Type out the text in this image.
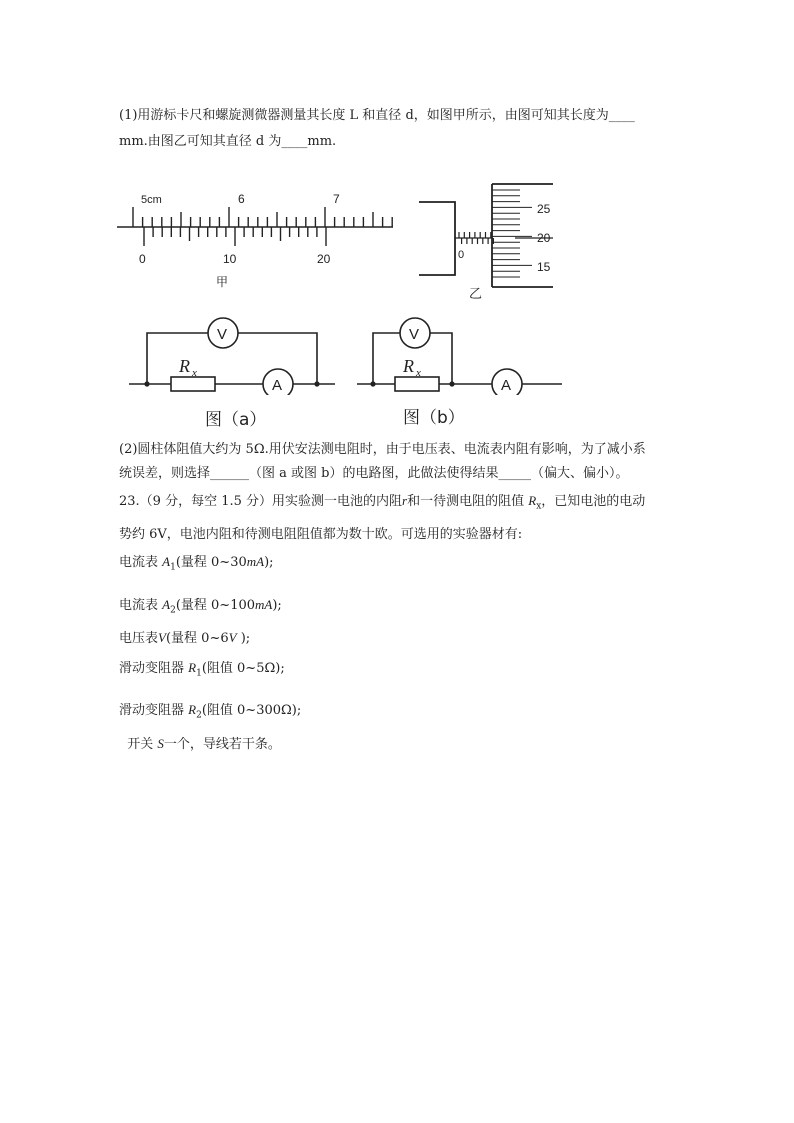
(1)用游标卡尺和螺旋测微器测量其长度 L 和直径 d，如图甲所示，由图可知其长度为____
mm.由图乙可知其直径 d 为____mm.
5cm	6	7
0	10	20
甲
25
20
15
0
乙
V
R x
A
图（a）
V
R x
A
图（b）
(2)圆柱体阻值大约为 5Ω.用伏安法测电阻时，由于电压表、电流表内阻有影响，为了减小系
统误差，则选择______（图 a 或图 b）的电路图，此做法使得结果_____（偏大、偏小）。
23.（9 分，每空 1.5 分）用实验测一电池的内阻r和一待测电阻的阻值 $R_x$，已知电池的电动
势约 6V，电池内阻和待测电阻阻值都为数十欧。可选用的实验器材有:
电流表 $A_1$(量程 0~30mA);
电流表 $A_2$(量程 0~100mA);
电压表V(量程 0~6V );
滑动变阻器 $R_1$(阻值 0~5Ω);
滑动变阻器 $R_2$(阻值 0~300Ω);
开关 S一个，导线若干条。
